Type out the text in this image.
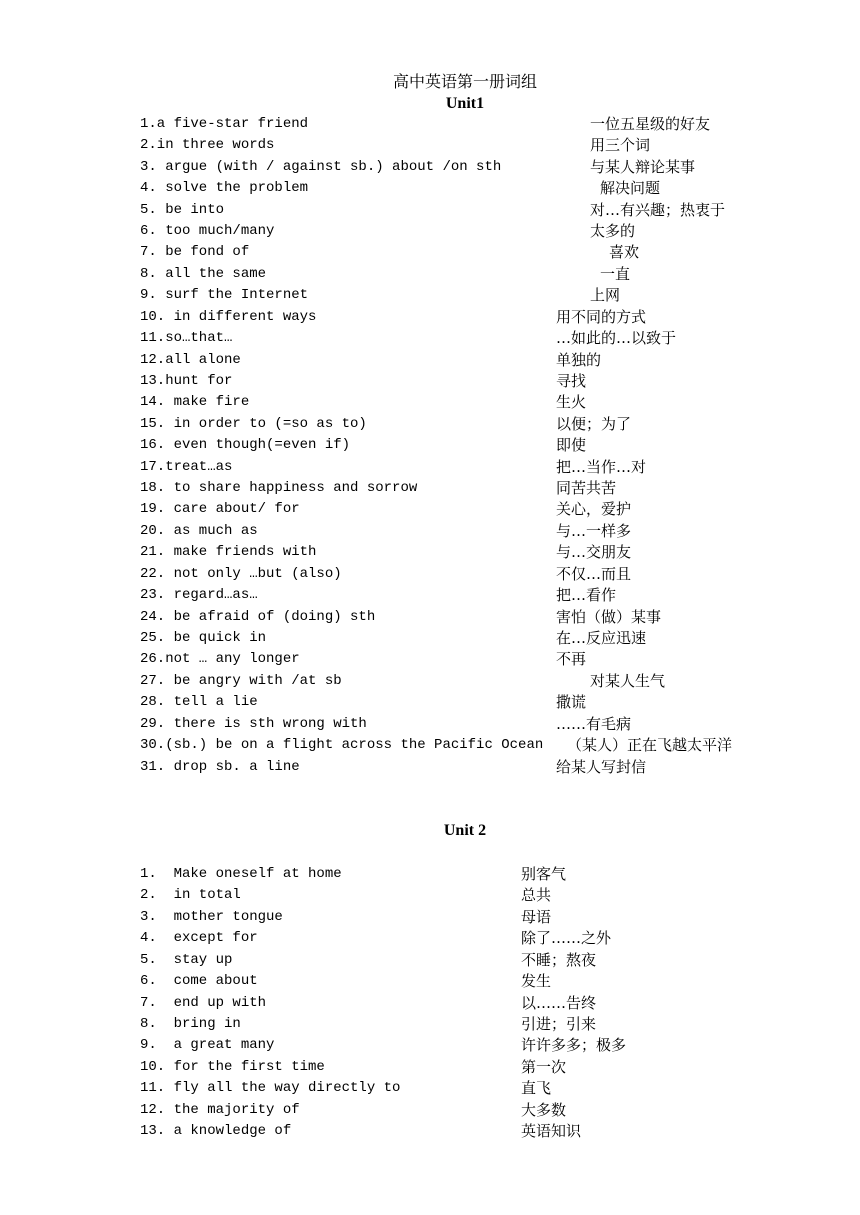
高中英语第一册词组
Unit1
1.a five-star friend	一位五星级的好友
2.in three words	用三个词
3. argue (with / against sb.) about /on sth	与某人辩论某事
4. solve the problem	解决问题
5. be into	对…有兴趣；热衷于
6. too much/many	太多的
7. be fond of	喜欢
8. all the same	一直
9. surf the Internet	上网
10. in different ways	用不同的方式
11.so…that…	…如此的…以致于
12.all alone	单独的
13.hunt for	寻找
14. make fire	生火
15. in order to (=so as to)	以便；为了
16. even though(=even if)	即使
17.treat…as	把…当作…对
18. to share happiness and sorrow	同苦共苦
19. care about/ for	关心，爱护
20. as much as	与…一样多
21. make friends with	与…交朋友
22. not only …but (also)	不仅…而且
23. regard…as…	把…看作
24. be afraid of (doing) sth	害怕（做）某事
25. be quick in	在…反应迅速
26.not … any longer	不再
27. be angry with /at sb	对某人生气
28. tell a lie	撒谎
29. there is sth wrong with	……有毛病
30.(sb.) be on a flight across the Pacific Ocean （某人）正在飞越太平洋
31. drop sb. a line	给某人写封信
Unit 2
1.  Make oneself at home	别客气
2.  in total	总共
3.  mother tongue	母语
4.  except for	除了……之外
5.  stay up	不睡；熬夜
6.  come about	发生
7.  end up with	以……告终
8.  bring in	引进；引来
9.  a great many	许许多多；极多
10. for the first time	第一次
11. fly all the way directly to	直飞
12. the majority of	大多数
13. a knowledge of	英语知识
